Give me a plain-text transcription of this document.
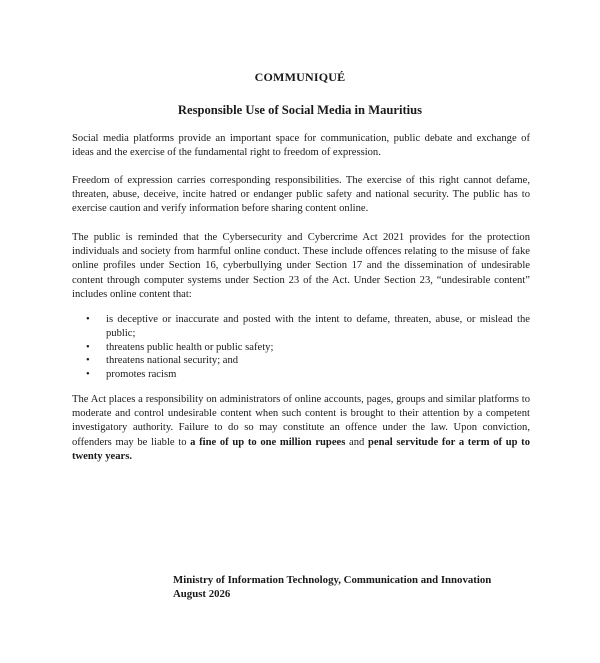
COMMUNIQUÉ

Responsible Use of Social Media in Mauritius

Social media platforms provide an important space for communication, public debate and exchange of ideas and the exercise of the fundamental right to freedom of expression.

Freedom of expression carries corresponding responsibilities. The exercise of this right cannot defame, threaten, abuse, deceive, incite hatred or endanger public safety and national security. The public has to exercise caution and verify information before sharing content online.

The public is reminded that the Cybersecurity and Cybercrime Act 2021 provides for the protection individuals and society from harmful online conduct. These include offences relating to the misuse of fake online profiles under Section 16, cyberbullying under Section 17 and the dissemination of undesirable content through computer systems under Section 23 of the Act. Under Section 23, “undesirable content” includes online content that:

• is deceptive or inaccurate and posted with the intent to defame, threaten, abuse, or mislead the public;
• threatens public health or public safety;
• threatens national security; and
• promotes racism

The Act places a responsibility on administrators of online accounts, pages, groups and similar platforms to moderate and control undesirable content when such content is brought to their attention by a competent investigatory authority. Failure to do so may constitute an offence under the law. Upon conviction, offenders may be liable to a fine of up to one million rupees and penal servitude for a term of up to twenty years.

Ministry of Information Technology, Communication and Innovation

August 2026
